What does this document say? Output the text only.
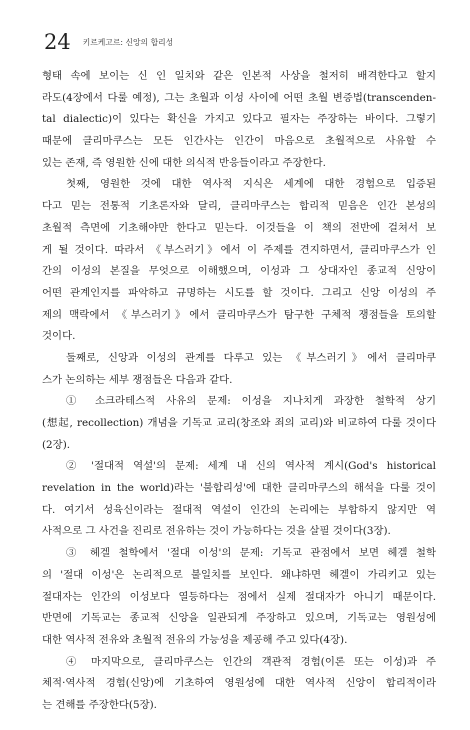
24 키르케고르: 신앙의 합리성
형태 속에 보이는 신 인 일치와 같은 인본적 사상을 철저히 배격한다고 할지
라도(4장에서 다룰 예정), 그는 초월과 이성 사이에 어떤 초월 변증법(transcenden-
tal dialectic)이 있다는 확신을 가지고 있다고 필자는 주장하는 바이다. 그렇기
때문에 클리마쿠스는 모든 인간사는 인간이 마음으로 초월적으로 사유할 수
있는 존재, 즉 영원한 신에 대한 의식적 반응들이라고 주장한다.
첫째, 영원한 것에 대한 역사적 지식은 세계에 대한 경험으로 입증된
다고 믿는 전통적 기초론자와 달리, 클리마쿠스는 합리적 믿음은 인간 본성의
초월적 측면에 기초해야만 한다고 믿는다. 이것들을 이 책의 전반에 걸쳐서 보
게 될 것이다. 따라서 《부스러기》에서 이 주제를 견지하면서, 클리마쿠스가 인
간의 이성의 본질을 무엇으로 이해했으며, 이성과 그 상대자인 종교적 신앙이
어떤 관계인지를 파악하고 규명하는 시도를 할 것이다. 그리고 신앙 이성의 주
제의 맥락에서 《부스러기》에서 클리마쿠스가 탐구한 구체적 쟁점들을 토의할
것이다.
둘째로, 신앙과 이성의 관계를 다루고 있는 《부스러기》에서 클리마쿠
스가 논의하는 세부 쟁점들은 다음과 같다.
① 소크라테스적 사유의 문제: 이성을 지나치게 과장한 철학적 상기
(想起, recollection) 개념을 기독교 교리(창조와 죄의 교리)와 비교하여 다룰 것이다
(2장).
② '절대적 역설'의 문제: 세계 내 신의 역사적 계시(God's historical
revelation in the world)라는 '불합리성'에 대한 클리마쿠스의 해석을 다룰 것이
다. 여기서 성육신이라는 절대적 역설이 인간의 논리에는 부합하지 않지만 역
사적으로 그 사건을 진리로 전유하는 것이 가능하다는 것을 살필 것이다(3장).
③ 헤겔 철학에서 '절대 이성'의 문제: 기독교 관점에서 보면 헤겔 철학
의 '절대 이성'은 논리적으로 불일치를 보인다. 왜냐하면 헤겔이 가리키고 있는
절대자는 인간의 이성보다 열등하다는 점에서 실제 절대자가 아니기 때문이다.
반면에 기독교는 종교적 신앙을 일관되게 주장하고 있으며, 기독교는 영원성에
대한 역사적 전유와 초월적 전유의 가능성을 제공해 주고 있다(4장).
④ 마지막으로, 클리마쿠스는 인간의 객관적 경험(이론 또는 이성)과 주
체적·역사적 경험(신앙)에 기초하여 영원성에 대한 역사적 신앙이 합리적이라
는 견해를 주장한다(5장).
